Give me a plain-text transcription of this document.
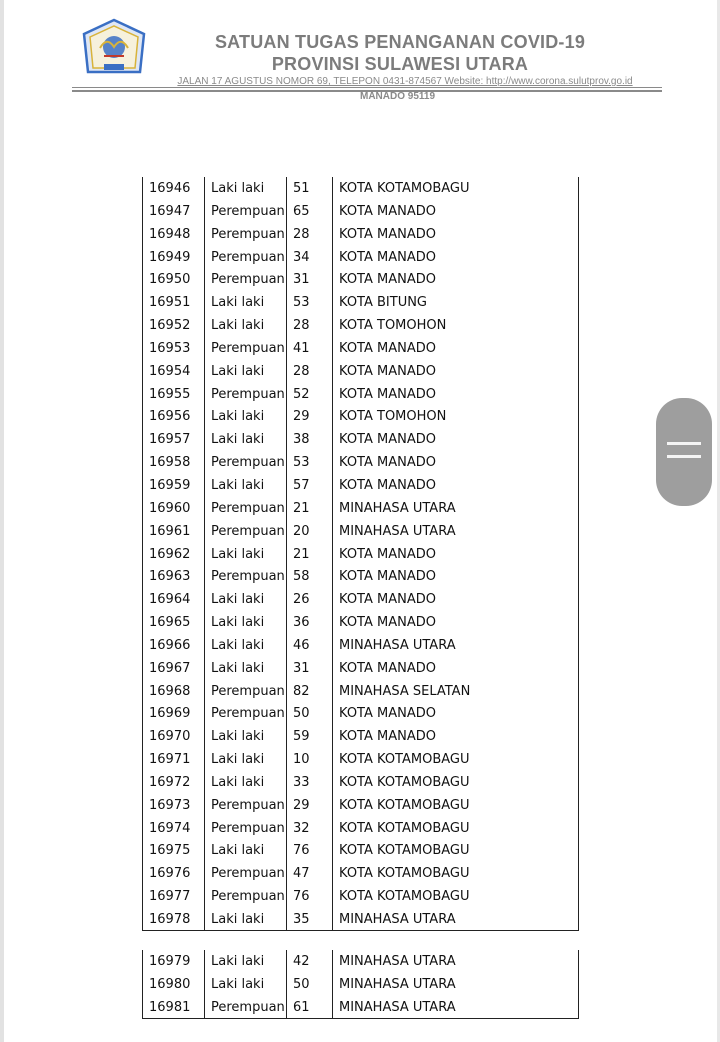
SATUAN TUGAS PENANGANAN COVID-19
PROVINSI SULAWESI UTARA
JALAN 17 AGUSTUS NOMOR 69, TELEPON 0431-874567 Website: http://www.corona.sulutprov.go.id
MANADO 95119
16946	Laki laki	51	KOTA KOTAMOBAGU
16947	Perempuan 65	KOTA MANADO
16948	Perempuan 28	KOTA MANADO
16949	Perempuan 34	KOTA MANADO
16950	Perempuan 31	KOTA MANADO
16951	Laki laki	53	KOTA BITUNG
16952	Laki laki	28	KOTA TOMOHON
16953	Perempuan 41	KOTA MANADO
16954	Laki laki	28	KOTA MANADO
16955	Perempuan 52	KOTA MANADO
16956	Laki laki	29	KOTA TOMOHON
16957	Laki laki	38	KOTA MANADO
16958	Perempuan 53	KOTA MANADO
16959	Laki laki	57	KOTA MANADO
16960	Perempuan 21	MINAHASA UTARA
16961	Perempuan 20	MINAHASA UTARA
16962	Laki laki	21	KOTA MANADO
16963	Perempuan 58	KOTA MANADO
16964	Laki laki	26	KOTA MANADO
16965	Laki laki	36	KOTA MANADO
16966	Laki laki	46	MINAHASA UTARA
16967	Laki laki	31	KOTA MANADO
16968	Perempuan 82	MINAHASA SELATAN
16969	Perempuan 50	KOTA MANADO
16970	Laki laki	59	KOTA MANADO
16971	Laki laki	10	KOTA KOTAMOBAGU
16972	Laki laki	33	KOTA KOTAMOBAGU
16973	Perempuan 29	KOTA KOTAMOBAGU
16974	Perempuan 32	KOTA KOTAMOBAGU
16975	Laki laki	76	KOTA KOTAMOBAGU
16976	Perempuan 47	KOTA KOTAMOBAGU
16977	Perempuan 76	KOTA KOTAMOBAGU
16978	Laki laki	35	MINAHASA UTARA
16979	Laki laki	42	MINAHASA UTARA
16980	Laki laki	50	MINAHASA UTARA
16981	Perempuan 61	MINAHASA UTARA
